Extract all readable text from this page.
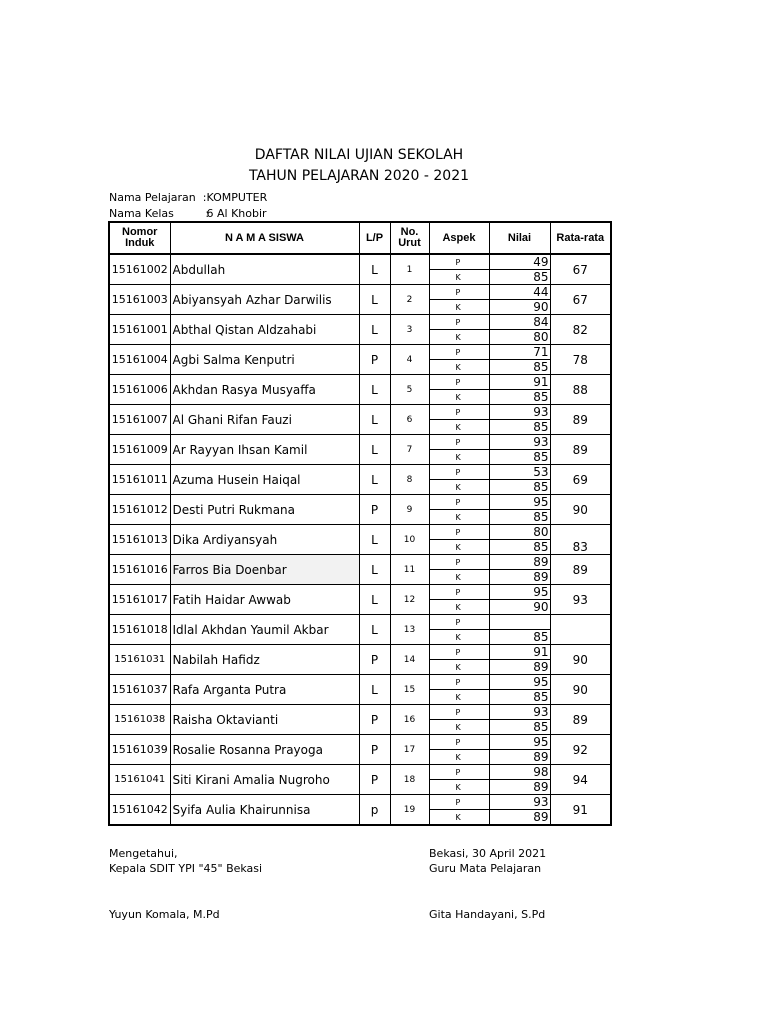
DAFTAR NILAI UJIAN SEKOLAH
TAHUN PELAJARAN 2020 - 2021
Nama Pelajaran  : KOMPUTER
Nama Kelas         : 6 Al Khobir
Nomor
Induk	N A M A SISWA	L/P	No.
Urut	Aspek	Nilai	Rata-rata
15161002	Abdullah	L	1	P	49	67
				K	85	
15161003	Abiyansyah Azhar Darwilis	L	2	P	44	67
				K	90	
15161001	Abthal Qistan Aldzahabi	L	3	P	84	82
				K	80	
15161004	Agbi Salma Kenputri	P	4	P	71	78
				K	85	
15161006	Akhdan Rasya Musyaffa	L	5	P	91	88
				K	85	
15161007	Al Ghani Rifan Fauzi	L	6	P	93	89
				K	85	
15161009	Ar Rayyan Ihsan Kamil	L	7	P	93	89
				K	85	
15161011	Azuma Husein Haiqal	L	8	P	53	69
				K	85	
15161012	Desti Putri Rukmana	P	9	P	95	90
				K	85	
15161013	Dika Ardiyansyah	L	10	P	80	83
				K	85	
15161016	Farros Bia Doenbar	L	11	P	89	89
				K	89	
15161017	Fatih Haidar Awwab	L	12	P	95	93
				K	90	
15161018	Idlal Akhdan Yaumil Akbar	L	13	P		
				K	85	
15161031	Nabilah Hafidz	P	14	P	91	90
				K	89	
15161037	Rafa Arganta Putra	L	15	P	95	90
				K	85	
15161038	Raisha Oktavianti	P	16	P	93	89
				K	85	
15161039	Rosalie Rosanna Prayoga	P	17	P	95	92
				K	89	
15161041	Siti Kirani Amalia Nugroho	P	18	P	98	94
				K	89	
15161042	Syifa Aulia Khairunnisa	p	19	P	93	91
				K	89	
Mengetahui,
Kepala SDIT YPI "45" Bekasi
Yuyun Komala, M.Pd
Bekasi, 30 April 2021
Guru Mata Pelajaran
Gita Handayani, S.Pd
